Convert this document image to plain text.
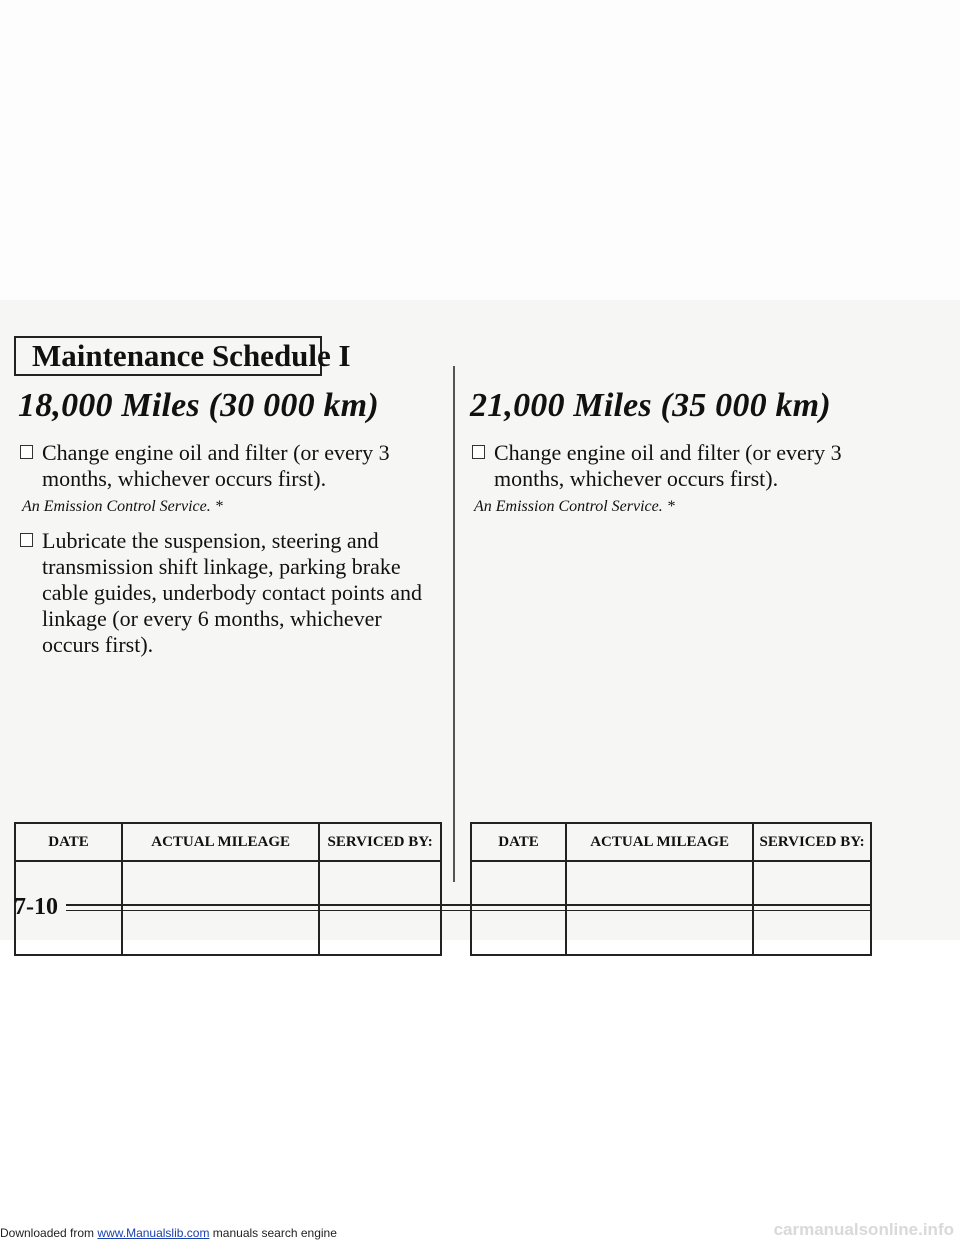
Maintenance Schedule I
18,000 Miles (30 000 km)
Change engine oil and filter (or every 3 months, whichever occurs first).
An Emission Control Service. *
Lubricate the suspension, steering and transmission shift linkage, parking brake cable guides, underbody contact points and linkage (or every 6 months, whichever occurs first).
21,000 Miles (35 000 km)
Change engine oil and filter (or every 3 months, whichever occurs first).
An Emission Control Service. *
DATE	ACTUAL MILEAGE	SERVICED BY:
			DATE	ACTUAL MILEAGE	SERVICED BY:

7-10
Downloaded from www.Manualslib.com manuals search engine	carmanualsonline.info
